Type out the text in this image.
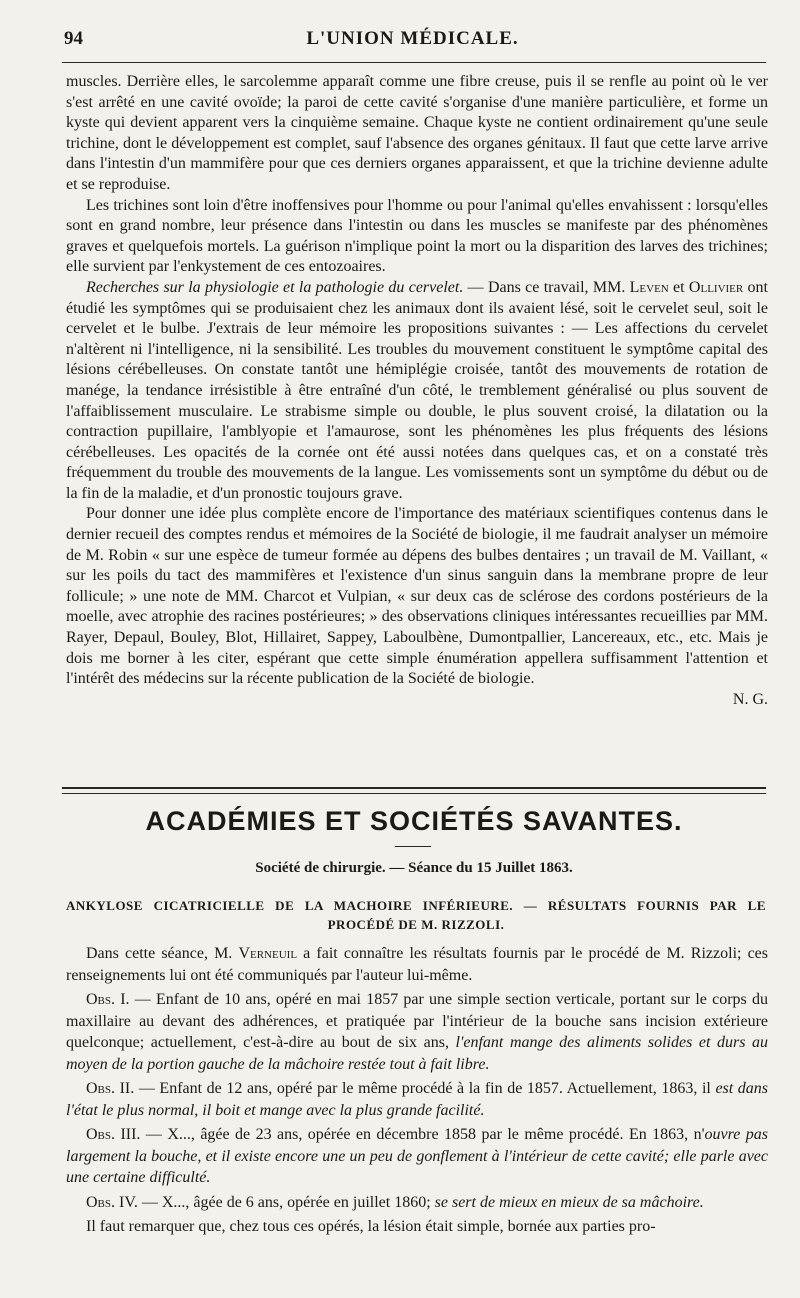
94	L'UNION MÉDICALE.

muscles. Derrière elles, le sarcolemme apparaît comme une fibre creuse, puis il se renfle au point où le ver s'est arrêté en une cavité ovoïde; la paroi de cette cavité s'organise d'une manière particulière, et forme un kyste qui devient apparent vers la cinquième semaine. Chaque kyste ne contient ordinairement qu'une seule trichine, dont le développement est complet, sauf l'absence des organes génitaux. Il faut que cette larve arrive dans l'intestin d'un mammifère pour que ces derniers organes apparaissent, et que la trichine devienne adulte et se reproduise.

Les trichines sont loin d'être inoffensives pour l'homme ou pour l'animal qu'elles envahissent : lorsqu'elles sont en grand nombre, leur présence dans l'intestin ou dans les muscles se manifeste par des phénomènes graves et quelquefois mortels. La guérison n'implique point la mort ou la disparition des larves des trichines; elle survient par l'enkystement de ces entozoaires.

Recherches sur la physiologie et la pathologie du cervelet. — Dans ce travail, MM. Leven et Ollivier ont étudié les symptômes qui se produisaient chez les animaux dont ils avaient lésé, soit le cervelet seul, soit le cervelet et le bulbe. J'extrais de leur mémoire les propositions suivantes : — Les affections du cervelet n'altèrent ni l'intelligence, ni la sensibilité. Les troubles du mouvement constituent le symptôme capital des lésions cérébelleuses. On constate tantôt une hémiplégie croisée, tantôt des mouvements de rotation de manége, la tendance irrésistible à être entraîné d'un côté, le tremblement généralisé ou plus souvent de l'affaiblissement musculaire. Le strabisme simple ou double, le plus souvent croisé, la dilatation ou la contraction pupillaire, l'amblyopie et l'amaurose, sont les phénomènes les plus fréquents des lésions cérébelleuses. Les opacités de la cornée ont été aussi notées dans quelques cas, et on a constaté très fréquemment du trouble des mouvements de la langue. Les vomissements sont un symptôme du début ou de la fin de la maladie, et d'un pronostic toujours grave.

Pour donner une idée plus complète encore de l'importance des matériaux scientifiques contenus dans le dernier recueil des comptes rendus et mémoires de la Société de biologie, il me faudrait analyser un mémoire de M. Robin « sur une espèce de tumeur formée au dépens des bulbes dentaires ; un travail de M. Vaillant, « sur les poils du tact des mammifères et l'existence d'un sinus sanguin dans la membrane propre de leur follicule; » une note de MM. Charcot et Vulpian, « sur deux cas de sclérose des cordons postérieurs de la moelle, avec atrophie des racines postérieures; » des observations cliniques intéressantes recueillies par MM. Rayer, Depaul, Bouley, Blot, Hillairet, Sappey, Laboulbène, Dumontpallier, Lancereaux, etc., etc. Mais je dois me borner à les citer, espérant que cette simple énumération appellera suffisamment l'attention et l'intérêt des médecins sur la récente publication de la Société de biologie.

N. G.

ACADÉMIES ET SOCIÉTÉS SAVANTES.
Société de chirurgie. — Séance du 15 Juillet 1863.
ANKYLOSE CICATRICIELLE DE LA MACHOIRE INFÉRIEURE. — RÉSULTATS FOURNIS PAR LE PROCÉDÉ DE M. RIZZOLI.

Dans cette séance, M. Verneuil a fait connaître les résultats fournis par le procédé de M. Rizzoli; ces renseignements lui ont été communiqués par l'auteur lui-même.

Obs. I. — Enfant de 10 ans, opéré en mai 1857 par une simple section verticale, portant sur le corps du maxillaire au devant des adhérences, et pratiquée par l'intérieur de la bouche sans incision extérieure quelconque; actuellement, c'est-à-dire au bout de six ans, l'enfant mange des aliments solides et durs au moyen de la portion gauche de la mâchoire restée tout à fait libre.

Obs. II. — Enfant de 12 ans, opéré par le même procédé à la fin de 1857. Actuellement, 1863, il est dans l'état le plus normal, il boit et mange avec la plus grande facilité.

Obs. III. — X..., âgée de 23 ans, opérée en décembre 1858 par le même procédé. En 1863, n'ouvre pas largement la bouche, et il existe encore une un peu de gonflement à l'intérieur de cette cavité; elle parle avec une certaine difficulté.

Obs. IV. — X..., âgée de 6 ans, opérée en juillet 1860; se sert de mieux en mieux de sa mâchoire.

Il faut remarquer que, chez tous ces opérés, la lésion était simple, bornée aux parties pro-
